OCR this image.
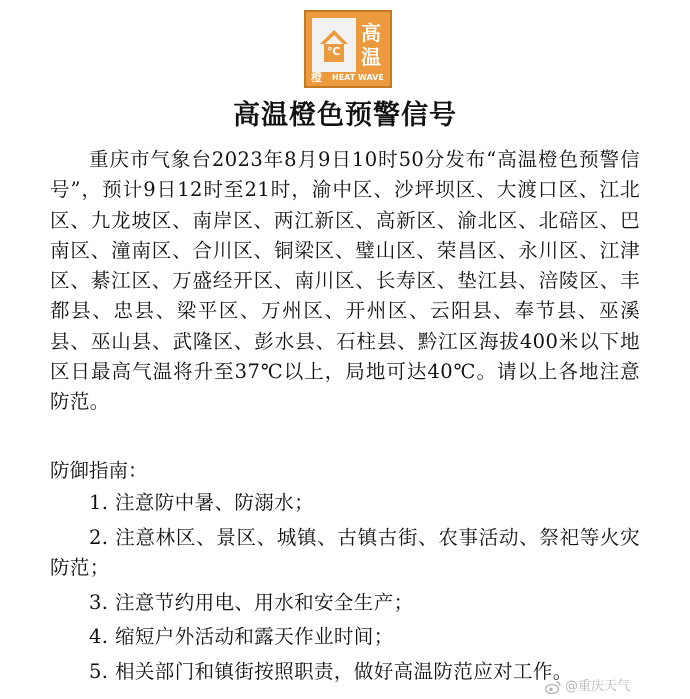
℃
高
温
橙 HEAT WAVE
高温橙色预警信号

重庆市气象台2023年8月9日10时50分发布“高温橙色预警信号”，预计9日12时至21时，渝中区、沙坪坝区、大渡口区、江北区、九龙坡区、南岸区、两江新区、高新区、渝北区、北碚区、巴南区、潼南区、合川区、铜梁区、璧山区、荣昌区、永川区、江津区、綦江区、万盛经开区、南川区、长寿区、垫江县、涪陵区、丰都县、忠县、梁平区、万州区、开州区、云阳县、奉节县、巫溪县、巫山县、武隆区、彭水县、石柱县、黔江区海拔400米以下地区日最高气温将升至37℃以上，局地可达40℃。请以上各地注意防范。

防御指南：

1. 注意防中暑、防溺水；
2. 注意林区、景区、城镇、古镇古街、农事活动、祭祀等火灾防范；
3. 注意节约用电、用水和安全生产；
4. 缩短户外活动和露天作业时间；
5. 相关部门和镇街按照职责，做好高温防范应对工作。
@重庆天气
